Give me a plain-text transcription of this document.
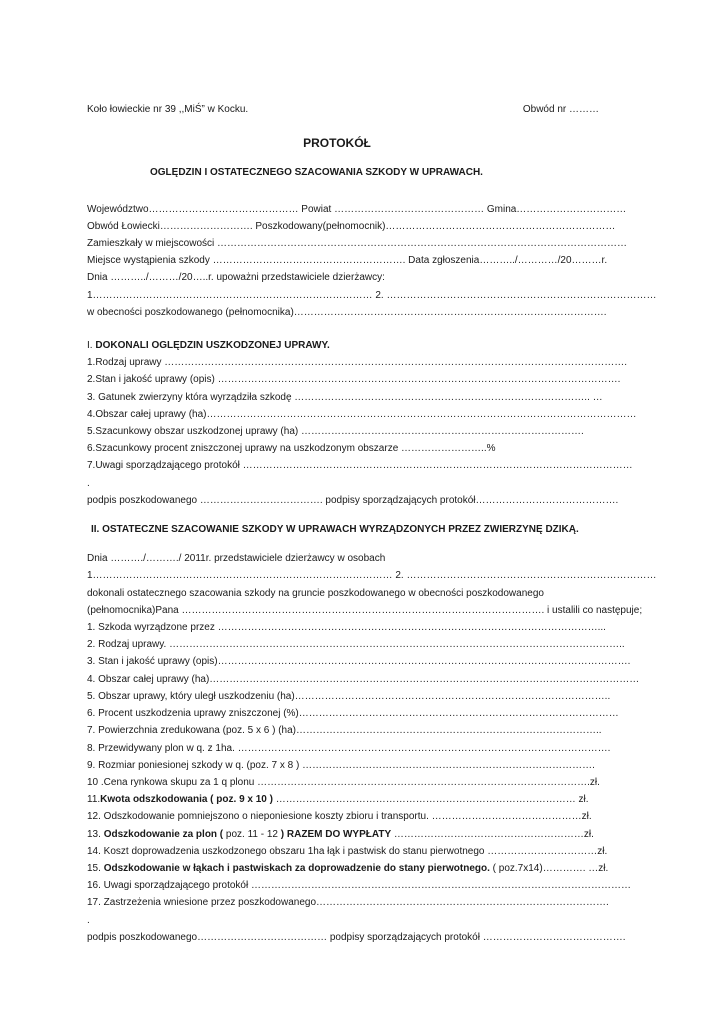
Koło łowieckie nr 39 ,,MiŚ” w Kocku.	Obwód nr ………
PROTOKÓŁ
OGLĘDZIN I OSTATECZNEGO SZACOWANIA SZKODY W UPRAWACH.
Województwo……………………………………… Powiat ……………………………………… Gmina……………………………
Obwód Łowiecki………………………. Poszkodowany(pełnomocnik)……………………………………………………………
Zamieszkały w miejscowości ……………………………………………………………………………………………………………
Miejsce wystąpienia szkody …………………………………………………. Data zgłoszenia………../…………/20………r.
Dnia ………../………/20…..r. upoważni przedstawiciele dzierżawcy:
1………………………………………………………………………… 2. ………………………………………………………………………
w obecności poszkodowanego (pełnomocnika)………………………………………………………………………………….
I. DOKONALI OGLĘDZIN USZKODZONEJ UPRAWY.
1.Rodzaj uprawy ………………………………………………………………………………………………………………………….
2.Stan i jakość uprawy (opis) ………………………………………………………………………………………………………….
3. Gatunek zwierzyny która wyrządziła szkodę …………………………………………………………………………….. …
4.Obszar całej uprawy (ha)…………………………………………………………………………………………………………………
5.Szacunkowy obszar uszkodzonej uprawy (ha) ………………………………………………………………………….
6.Szacunkowy procent zniszczonej uprawy na uszkodzonym obszarze ……………………..%
7.Uwagi sporządzającego protokół ………………………………………………………………………………………………………
.
podpis poszkodowanego ………………………………. podpisy sporządzających protokół…………………………………….
II. OSTATECZNE SZACOWANIE SZKODY W UPRAWACH WYRZĄDZONYCH PRZEZ ZWIERZYNĘ DZIKĄ.
Dnia ………./………./ 2011r. przedstawiciele dzierżawcy w osobach
1……………………………………………………………………………… 2. …………………………………………………………………
dokonali ostatecznego szacowania szkody na gruncie poszkodowanego w obecności poszkodowanego
(pełnomocnika)Pana ………………………………………………………………………………………………. i ustalili co następuje;
1. Szkoda wyrządzone przez ……………………………………………………………………………………………………...
2. Rodzaj uprawy. ………………………………………………………………………………………………………………………..
3. Stan i jakość uprawy (opis)…………………………………………………………………………………………………………….
4. Obszar całej uprawy (ha)…………………………………………………………………………………………………………………
5. Obszar uprawy, który uległ uszkodzeniu (ha)…………………………………………………………………………………..
6. Procent uszkodzenia uprawy zniszczonej (%)……………………………………………………………………………………
7. Powierzchnia zredukowana (poz. 5 x 6 ) (ha)………………………………………………………………………………..
8. Przewidywany plon w q. z 1ha. ………………………………………………………………………………………………….
9. Rozmiar poniesionej szkody w q. (poz. 7 x 8 ) …………………………………………………………………………….
10 .Cena rynkowa skupu za 1 q plonu ……………………………………………………………………………………….zł.
11.Kwota odszkodowania ( poz. 9 x 10 ) ……………………………………………………………………………… zł.
12. Odszkodowanie pomniejszono o nieponiesione koszty zbioru i transportu. ………………………………………zł.
13. Odszkodowanie za plon ( poz. 11 - 12 ) RAZEM DO WYPŁATY …………………………………………………zł.
14. Koszt doprowadzenia uszkodzonego obszaru 1ha łąk i pastwisk do stanu pierwotnego ……………………………zł.
15. Odszkodowanie w łąkach i pastwiskach za doprowadzenie do stany pierwotnego. ( poz.7x14)…………. …zł.
16. Uwagi sporządzającego protokół ……………………………………………………………………………………………………
17. Zastrzeżenia wniesione przez poszkodowanego…………………………………………………………………………….
.
podpis poszkodowanego………………………………… podpisy sporządzających protokół …………………………………….
